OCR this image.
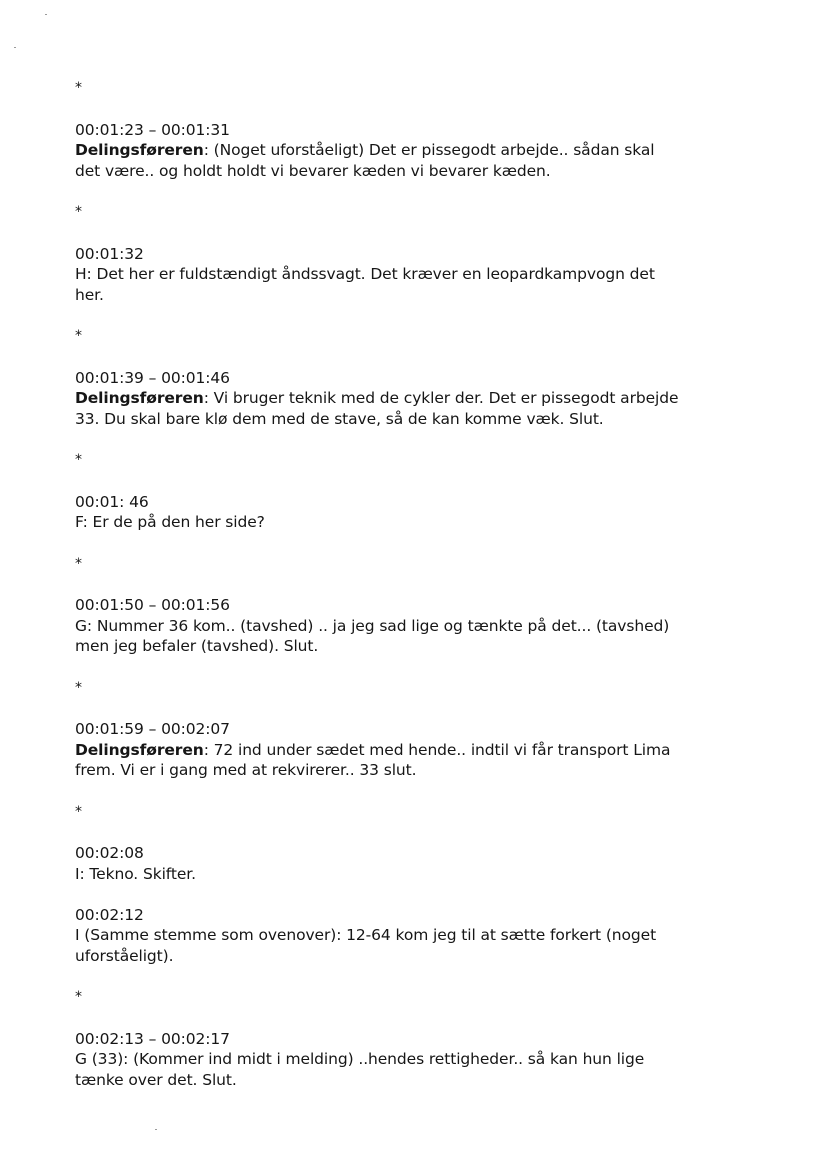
*
00:01:23 – 00:01:31
Delingsføreren: (Noget uforståeligt) Det er pissegodt arbejde.. sådan skal
det være.. og holdt holdt vi bevarer kæden vi bevarer kæden.
*
00:01:32
H: Det her er fuldstændigt åndssvagt. Det kræver en leopardkampvogn det
her.
*
00:01:39 – 00:01:46
Delingsføreren: Vi bruger teknik med de cykler der. Det er pissegodt arbejde
33. Du skal bare klø dem med de stave, så de kan komme væk. Slut.
*
00:01: 46
F: Er de på den her side?
*
00:01:50 – 00:01:56
G: Nummer 36 kom.. (tavshed) .. ja jeg sad lige og tænkte på det... (tavshed)
men jeg befaler (tavshed). Slut.
*
00:01:59 – 00:02:07
Delingsføreren: 72 ind under sædet med hende.. indtil vi får transport Lima
frem. Vi er i gang med at rekvirerer.. 33 slut.
*
00:02:08
I: Tekno. Skifter.
00:02:12
I (Samme stemme som ovenover): 12-64 kom jeg til at sætte forkert (noget
uforståeligt).
*
00:02:13 – 00:02:17
G (33): (Kommer ind midt i melding) ..hendes rettigheder.. så kan hun lige
tænke over det. Slut.
